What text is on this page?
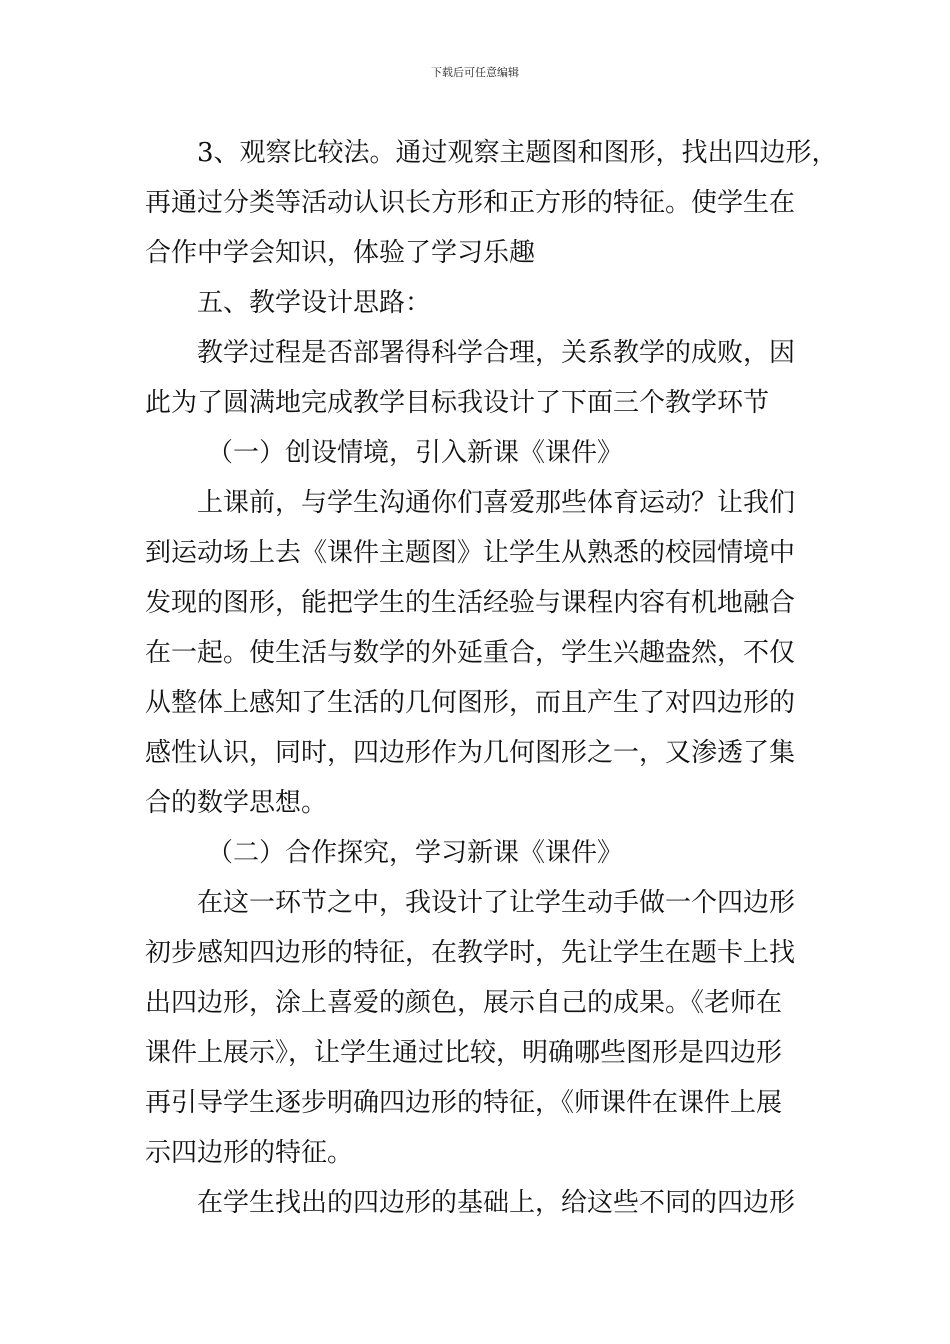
下载后可任意编辑
3、观察比较法。通过观察主题图和图形，找出四边形，
再通过分类等活动认识长方形和正方形的特征。使学生在
合作中学会知识，体验了学习乐趣
五、教学设计思路：
教学过程是否部署得科学合理，关系教学的成败，因
此为了圆满地完成教学目标我设计了下面三个教学环节
（一）创设情境，引入新课《课件》
上课前，与学生沟通你们喜爱那些体育运动？让我们
到运动场上去《课件主题图》让学生从熟悉的校园情境中
发现的图形，能把学生的生活经验与课程内容有机地融合
在一起。使生活与数学的外延重合，学生兴趣盎然，不仅
从整体上感知了生活的几何图形，而且产生了对四边形的
感性认识，同时，四边形作为几何图形之一，又渗透了集
合的数学思想。
（二）合作探究，学习新课《课件》
在这一环节之中，我设计了让学生动手做一个四边形
初步感知四边形的特征，在教学时，先让学生在题卡上找
出四边形，涂上喜爱的颜色，展示自己的成果。《老师在
课件上展示》，让学生通过比较，明确哪些图形是四边形
再引导学生逐步明确四边形的特征，《师课件在课件上展
示四边形的特征。
在学生找出的四边形的基础上，给这些不同的四边形
